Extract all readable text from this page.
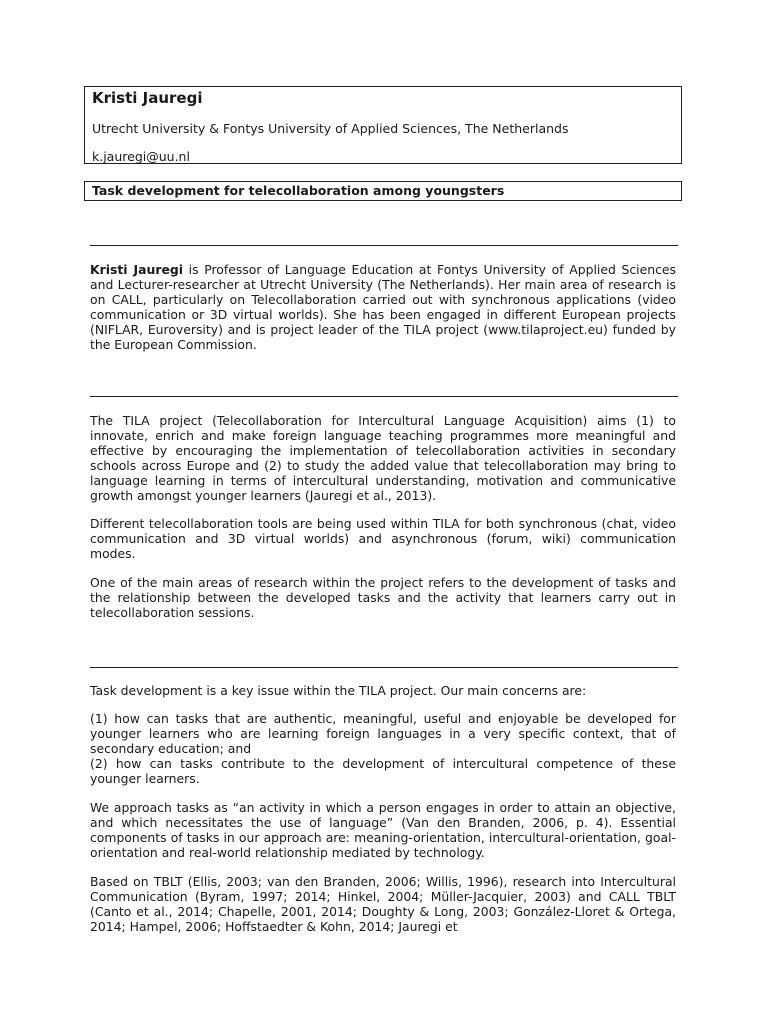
Kristi Jauregi
Utrecht University & Fontys University of Applied Sciences, The Netherlands
k.jauregi@uu.nl
Task development for telecollaboration among youngsters

Kristi Jauregi is Professor of Language Education at Fontys University of Applied Sciences and Lecturer-researcher at Utrecht University (The Netherlands). Her main area of research is on CALL, particularly on Telecollaboration carried out with synchronous applications (video communication or 3D virtual worlds). She has been engaged in different European projects (NIFLAR, Euroversity) and is project leader of the TILA project (www.tilaproject.eu) funded by the European Commission.

The TILA project (Telecollaboration for Intercultural Language Acquisition) aims (1) to innovate, enrich and make foreign language teaching programmes more meaningful and effective by encouraging the implementation of telecollaboration activities in secondary schools across Europe and (2) to study the added value that telecollaboration may bring to language learning in terms of intercultural understanding, motivation and communicative growth amongst younger learners (Jauregi et al., 2013).

Different telecollaboration tools are being used within TILA for both synchronous (chat, video communication and 3D virtual worlds) and asynchronous (forum, wiki) communication modes.

One of the main areas of research within the project refers to the development of tasks and the relationship between the developed tasks and the activity that learners carry out in telecollaboration sessions.

Task development is a key issue within the TILA project. Our main concerns are:

(1) how can tasks that are authentic, meaningful, useful and enjoyable be developed for younger learners who are learning foreign languages in a very specific context, that of secondary education; and

(2) how can tasks contribute to the development of intercultural competence of these younger learners.

We approach tasks as “an activity in which a person engages in order to attain an objective, and which necessitates the use of language” (Van den Branden, 2006, p. 4). Essential components of tasks in our approach are: meaning-orientation, intercultural-orientation, goal-orientation and real-world relationship mediated by technology.

Based on TBLT (Ellis, 2003; van den Branden, 2006; Willis, 1996), research into Intercultural Communication (Byram, 1997; 2014; Hinkel, 2004; Müller-Jacquier, 2003) and CALL TBLT (Canto et al., 2014; Chapelle, 2001, 2014; Doughty & Long, 2003; González-Lloret & Ortega, 2014; Hampel, 2006; Hoffstaedter & Kohn, 2014; Jauregi et
